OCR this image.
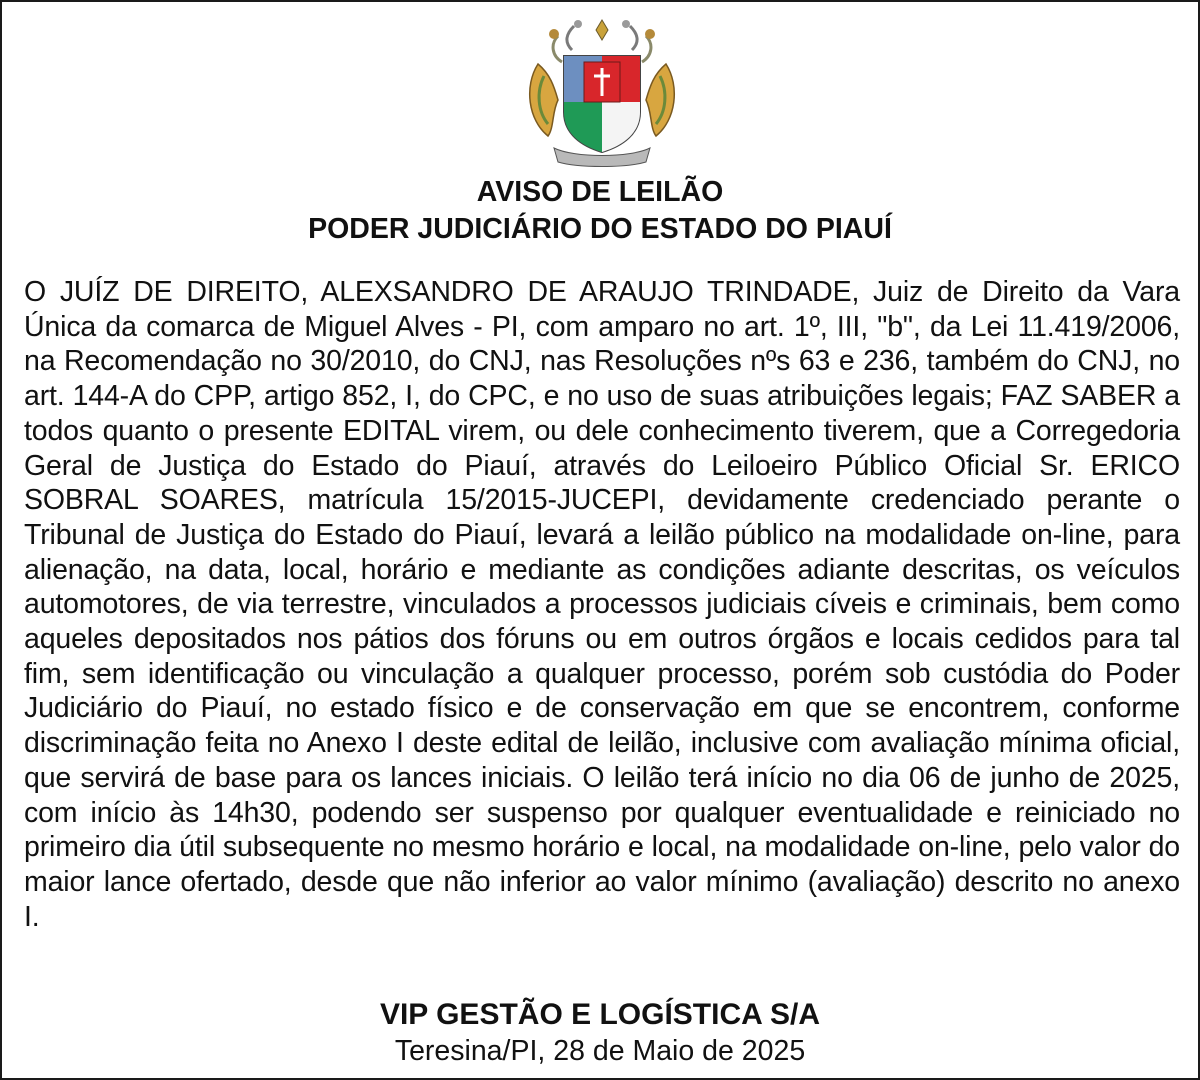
AVISO DE LEILÃO
PODER JUDICIÁRIO DO ESTADO DO PIAUÍ

O JUÍZ DE DIREITO, ALEXSANDRO DE ARAUJO TRINDADE, Juiz de Direito da Vara Única da comarca de Miguel Alves - PI, com amparo no art. 1º, III, "b", da Lei 11.419/2006, na Recomendação no 30/2010, do CNJ, nas Resoluções nºs 63 e 236, também do CNJ, no art. 144-A do CPP, artigo 852, I, do CPC, e no uso de suas atribuições legais; FAZ SABER a todos quanto o presente EDITAL virem, ou dele conhecimento tiverem, que a Corregedoria Geral de Justiça do Estado do Piauí, através do Leiloeiro Público Oficial Sr. ERICO SOBRAL SOARES, matrícula 15/2015-JUCEPI, devidamente credenciado perante o Tribunal de Justiça do Estado do Piauí, levará a leilão público na modalidade on-line, para alienação, na data, local, horário e mediante as condições adiante descritas, os veículos automotores, de via terrestre, vinculados a processos judiciais cíveis e criminais, bem como aqueles depositados nos pátios dos fóruns ou em outros órgãos e locais cedidos para tal fim, sem identificação ou vinculação a qualquer processo, porém sob custódia do Poder Judiciário do Piauí, no estado físico e de conservação em que se encontrem, conforme discriminação feita no Anexo I deste edital de leilão, inclusive com avaliação mínima oficial, que servirá de base para os lances iniciais. O leilão terá início no dia 06 de junho de 2025, com início às 14h30, podendo ser suspenso por qualquer eventualidade e reiniciado no primeiro dia útil subsequente no mesmo horário e local, na modalidade on-line, pelo valor do maior lance ofertado, desde que não inferior ao valor mínimo (avaliação) descrito no anexo I.

VIP GESTÃO E LOGÍSTICA S/A
Teresina/PI, 28 de Maio de 2025
